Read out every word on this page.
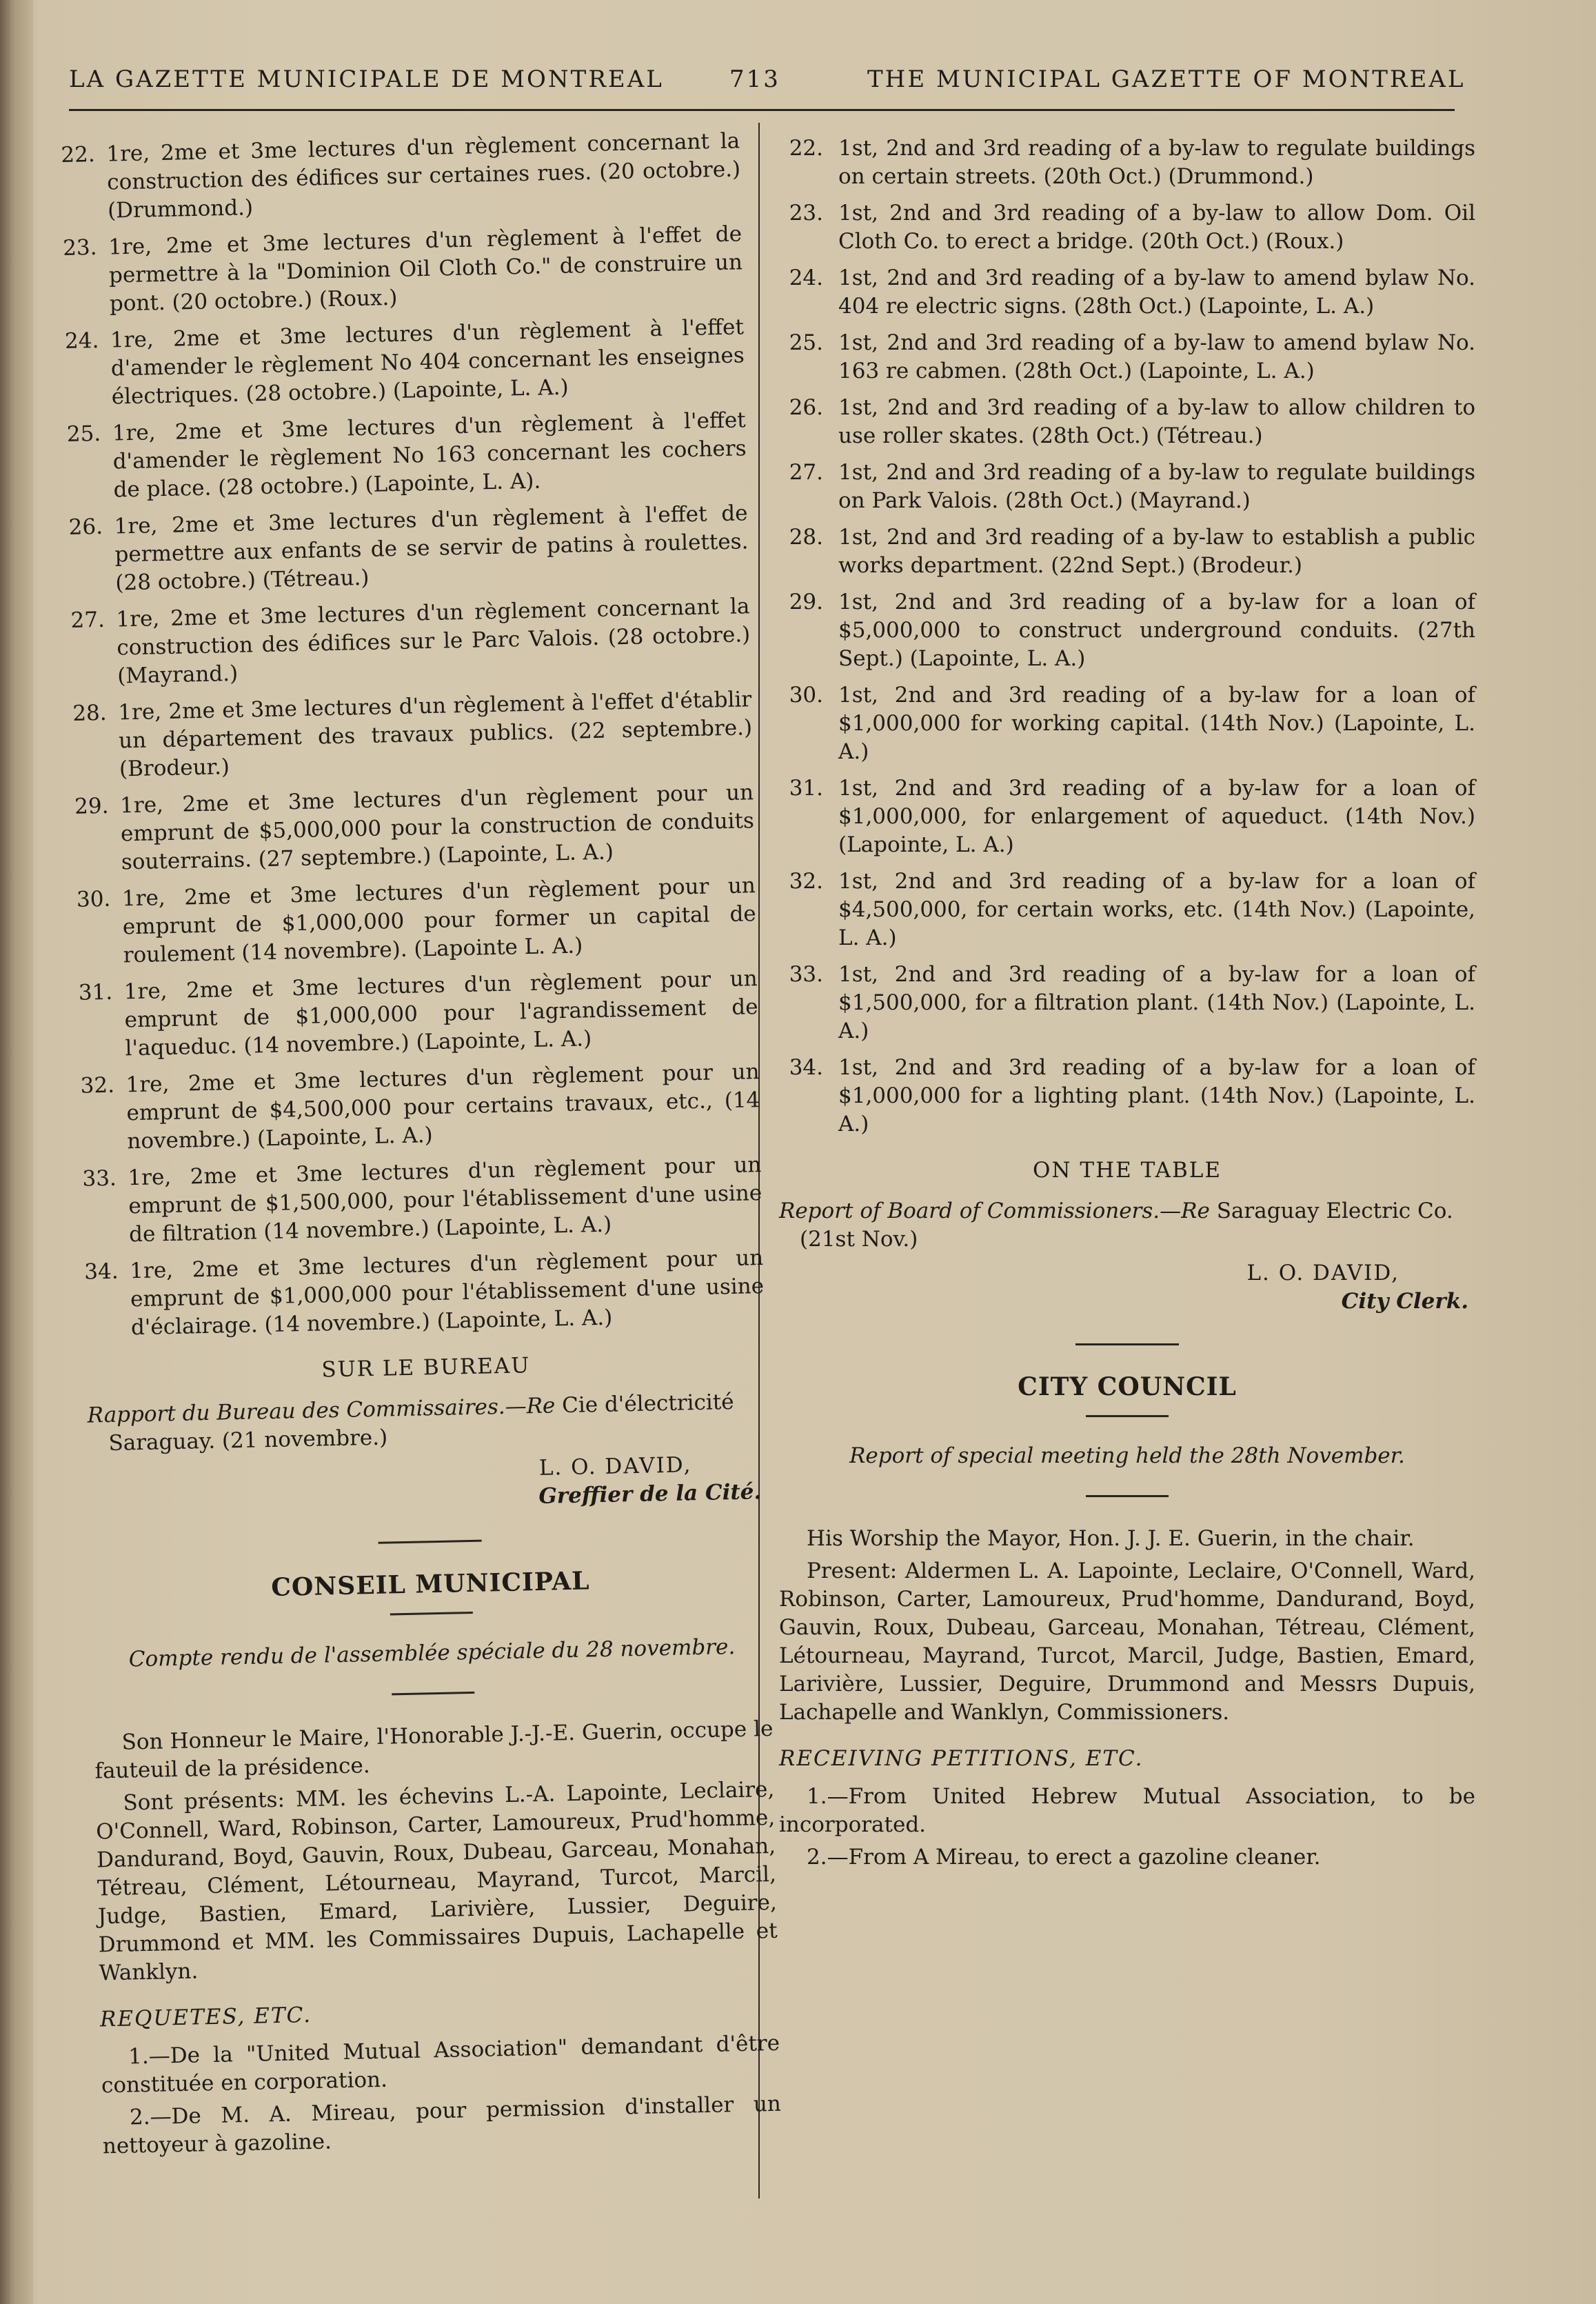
LA GAZETTE MUNICIPALE DE MONTREAL	713	THE MUNICIPAL GAZETTE OF MONTREAL
22. 1re, 2me et 3me lectures d'un règlement concernant la construction des édifices sur certaines rues. (20 octobre.) (Drummond.)
23. 1re, 2me et 3me lectures d'un règlement à l'effet de permettre à la "Dominion Oil Cloth Co." de construire un pont. (20 octobre.) (Roux.)
24. 1re, 2me et 3me lectures d'un règlement à l'effet d'amender le règlement No 404 concernant les enseignes électriques. (28 octobre.) (Lapointe, L. A.)
25. 1re, 2me et 3me lectures d'un règlement à l'effet d'amender le règlement No 163 concernant les cochers de place. (28 octobre.) (Lapointe, L. A).
26. 1re, 2me et 3me lectures d'un règlement à l'effet de permettre aux enfants de se servir de patins à roulettes. (28 octobre.) (Tétreau.)
27. 1re, 2me et 3me lectures d'un règlement concernant la construction des édifices sur le Parc Valois. (28 octobre.) (Mayrand.)
28. 1re, 2me et 3me lectures d'un règlement à l'effet d'établir un département des travaux publics. (22 septembre.) (Brodeur.)
29. 1re, 2me et 3me lectures d'un règlement pour un emprunt de $5,000,000 pour la construction de conduits souterrains. (27 septembre.) (Lapointe, L. A.)
30. 1re, 2me et 3me lectures d'un règlement pour un emprunt de $1,000,000 pour former un capital de roulement (14 novembre). (Lapointe L. A.)
31. 1re, 2me et 3me lectures d'un règlement pour un emprunt de $1,000,000 pour l'agrandissement de l'aqueduc. (14 novembre.) (Lapointe, L. A.)
32. 1re, 2me et 3me lectures d'un règlement pour un emprunt de $4,500,000 pour certains travaux, etc., (14 novembre.) (Lapointe, L. A.)
33. 1re, 2me et 3me lectures d'un règlement pour un emprunt de $1,500,000, pour l'établissement d'une usine de filtration (14 novembre.) (Lapointe, L. A.)
34. 1re, 2me et 3me lectures d'un règlement pour un emprunt de $1,000,000 pour l'établissement d'une usine d'éclairage. (14 novembre.) (Lapointe, L. A.)
SUR LE BUREAU
Rapport du Bureau des Commissaires.—Re Cie d'électricité Saraguay. (21 novembre.)
L. O. DAVID,
Greffier de la Cité.
CONSEIL MUNICIPAL
Compte rendu de l'assemblée spéciale du 28 novembre.
Son Honneur le Maire, l'Honorable J.-J.-E. Guerin, occupe le fauteuil de la présidence.
Sont présents: MM. les échevins L.-A. Lapointe, Leclaire, O'Connell, Ward, Robinson, Carter, Lamoureux, Prud'homme, Dandurand, Boyd, Gauvin, Roux, Dubeau, Garceau, Monahan, Tétreau, Clément, Létourneau, Mayrand, Turcot, Marcil, Judge, Bastien, Emard, Larivière, Lussier, Deguire, Drummond et MM. les Commissaires Dupuis, Lachapelle et Wanklyn.
REQUETES, ETC.
1.—De la "United Mutual Association" demandant d'être constituée en corporation.
2.—De M. A. Mireau, pour permission d'installer un nettoyeur à gazoline.
22. 1st, 2nd and 3rd reading of a by-law to regulate buildings on certain streets. (20th Oct.) (Drummond.)
23. 1st, 2nd and 3rd reading of a by-law to allow Dom. Oil Cloth Co. to erect a bridge. (20th Oct.) (Roux.)
24. 1st, 2nd and 3rd reading of a by-law to amend bylaw No. 404 re electric signs. (28th Oct.) (Lapointe, L. A.)
25. 1st, 2nd and 3rd reading of a by-law to amend bylaw No. 163 re cabmen. (28th Oct.) (Lapointe, L. A.)
26. 1st, 2nd and 3rd reading of a by-law to allow children to use roller skates. (28th Oct.) (Tétreau.)
27. 1st, 2nd and 3rd reading of a by-law to regulate buildings on Park Valois. (28th Oct.) (Mayrand.)
28. 1st, 2nd and 3rd reading of a by-law to establish a public works department. (22nd Sept.) (Brodeur.)
29. 1st, 2nd and 3rd reading of a by-law for a loan of $5,000,000 to construct underground conduits. (27th Sept.) (Lapointe, L. A.)
30. 1st, 2nd and 3rd reading of a by-law for a loan of $1,000,000 for working capital. (14th Nov.) (Lapointe, L. A.)
31. 1st, 2nd and 3rd reading of a by-law for a loan of $1,000,000, for enlargement of aqueduct. (14th Nov.) (Lapointe, L. A.)
32. 1st, 2nd and 3rd reading of a by-law for a loan of $4,500,000, for certain works, etc. (14th Nov.) (Lapointe, L. A.)
33. 1st, 2nd and 3rd reading of a by-law for a loan of $1,500,000, for a filtration plant. (14th Nov.) (Lapointe, L. A.)
34. 1st, 2nd and 3rd reading of a by-law for a loan of $1,000,000 for a lighting plant. (14th Nov.) (Lapointe, L. A.)
ON THE TABLE
Report of Board of Commissioners.—Re Saraguay Electric Co. (21st Nov.)
L. O. DAVID,
City Clerk.
CITY COUNCIL
Report of special meeting held the 28th November.
His Worship the Mayor, Hon. J. J. E. Guerin, in the chair.
Present: Aldermen L. A. Lapointe, Leclaire, O'Connell, Ward, Robinson, Carter, Lamoureux, Prud'homme, Dandurand, Boyd, Gauvin, Roux, Dubeau, Garceau, Monahan, Tétreau, Clément, Létourneau, Mayrand, Turcot, Marcil, Judge, Bastien, Emard, Larivière, Lussier, Deguire, Drummond and Messrs Dupuis, Lachapelle and Wanklyn, Commissioners.
RECEIVING PETITIONS, ETC.
1.—From United Hebrew Mutual Association, to be incorporated.
2.—From A Mireau, to erect a gazoline cleaner.
